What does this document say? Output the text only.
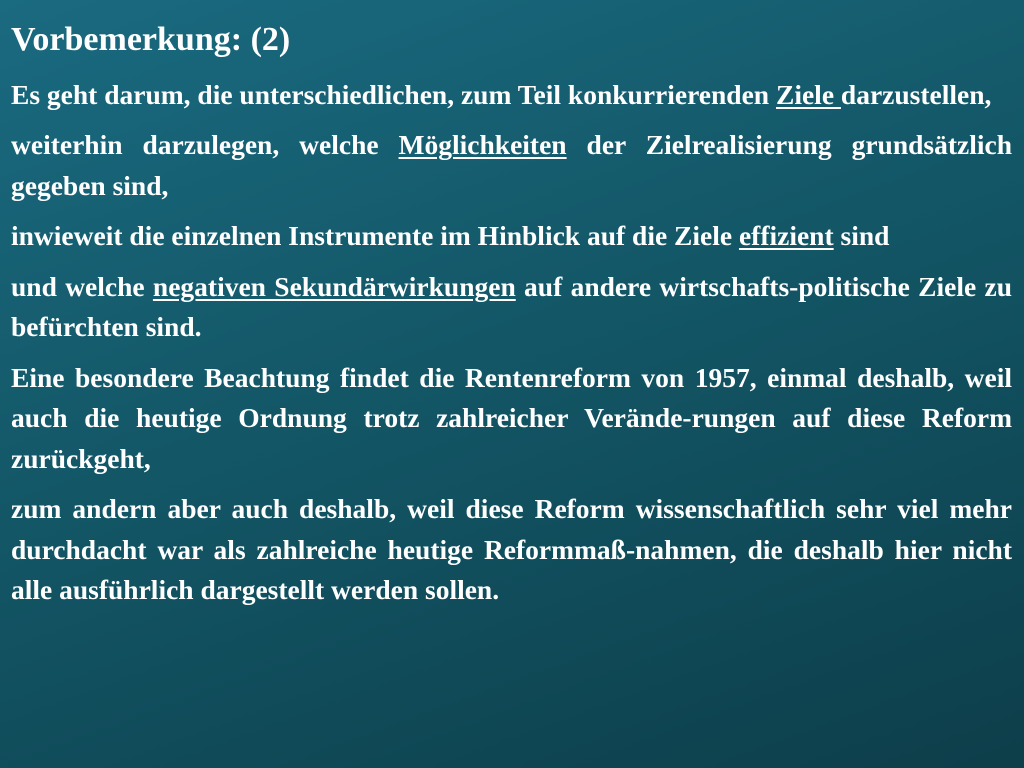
Vorbemerkung: (2)

Es geht darum, die unterschiedlichen, zum Teil konkurrierenden Ziele darzustellen,

weiterhin darzulegen, welche Möglichkeiten der Zielrealisierung grundsätzlich gegeben sind,

inwieweit die einzelnen Instrumente im Hinblick auf die Ziele effizient sind

und welche negativen Sekundärwirkungen auf andere wirtschafts-politische Ziele zu befürchten sind.

Eine besondere Beachtung findet die Rentenreform von 1957, einmal deshalb, weil auch die heutige Ordnung trotz zahlreicher Verände-rungen auf diese Reform zurückgeht,

zum andern aber auch deshalb, weil diese Reform wissenschaftlich sehr viel mehr durchdacht war als zahlreiche heutige Reformmaß-nahmen, die deshalb hier nicht alle ausführlich dargestellt werden sollen.
